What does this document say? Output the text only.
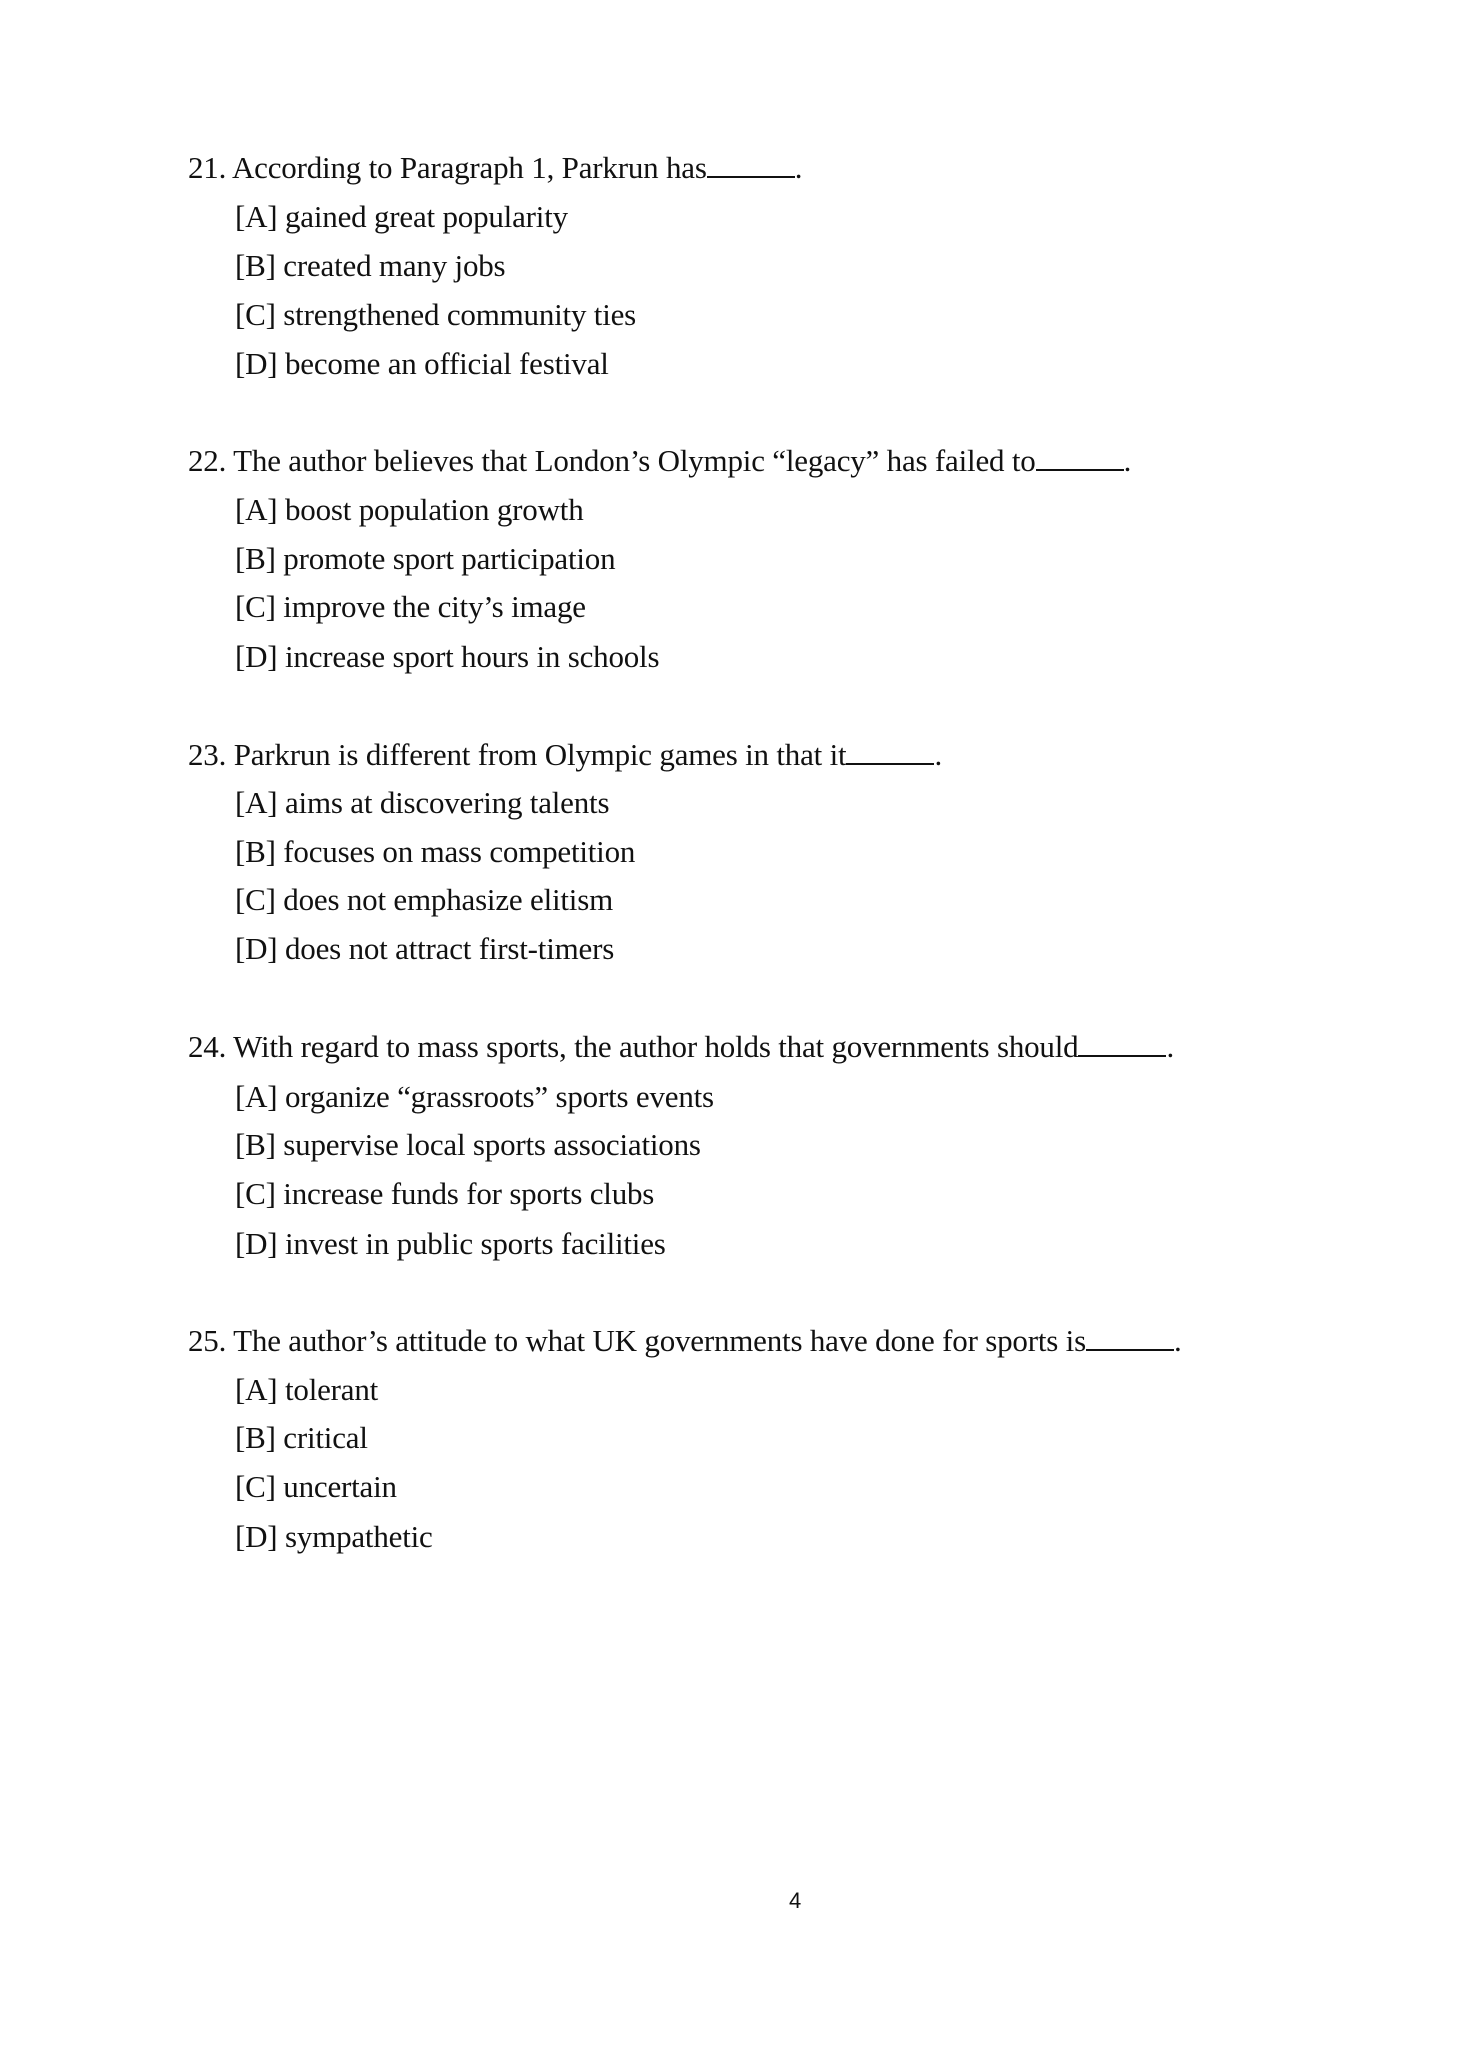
21. According to Paragraph 1, Parkrun has	.
[A] gained great popularity
[B] created many jobs
[C] strengthened community ties
[D] become an official festival
22. The author believes that London’s Olympic “legacy” has failed to	.
[A] boost population growth
[B] promote sport participation
[C] improve the city’s image
[D] increase sport hours in schools
23. Parkrun is different from Olympic games in that it	.
[A] aims at discovering talents
[B] focuses on mass competition
[C] does not emphasize elitism
[D] does not attract first-timers
24. With regard to mass sports, the author holds that governments should	.
[A] organize “grassroots” sports events
[B] supervise local sports associations
[C] increase funds for sports clubs
[D] invest in public sports facilities
25. The author’s attitude to what UK governments have done for sports is	.
[A] tolerant
[B] critical
[C] uncertain
[D] sympathetic
4
